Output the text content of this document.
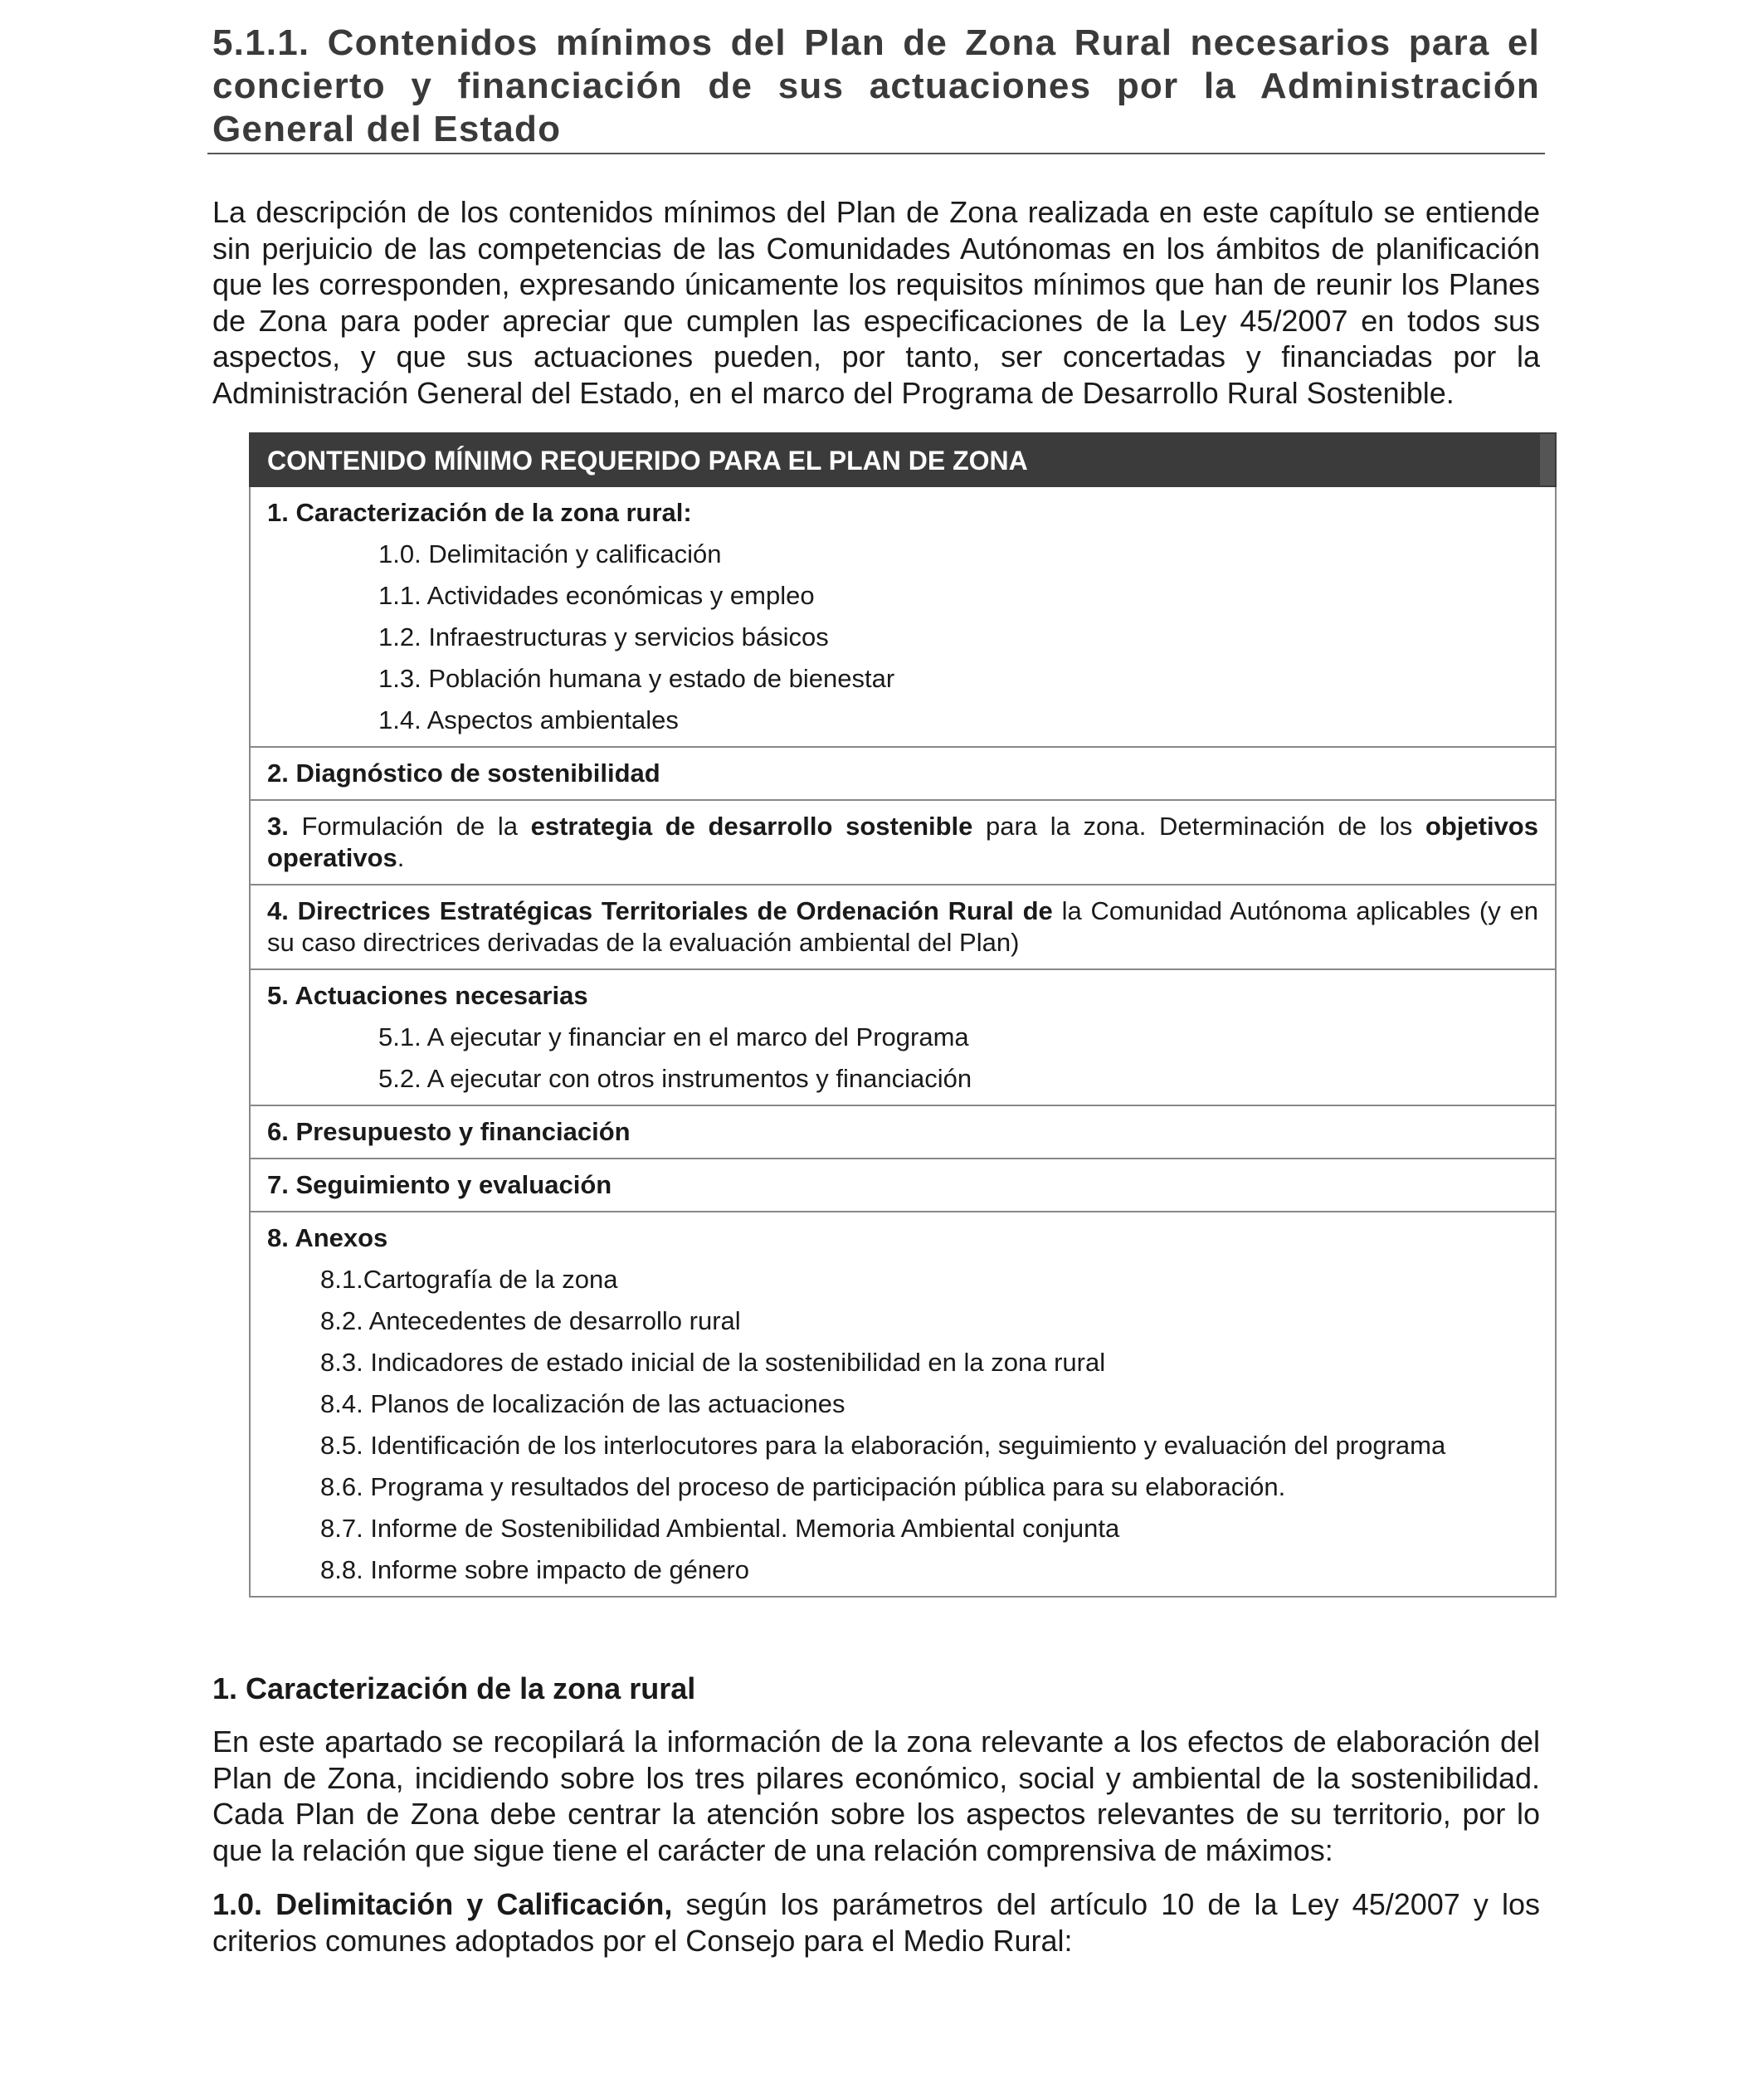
5.1.1. Contenidos mínimos del Plan de Zona Rural necesarios para el concierto y financiación de sus actuaciones por la Administración General del Estado

La descripción de los contenidos mínimos del Plan de Zona realizada en este capítulo se entiende sin perjuicio de las competencias de las Comunidades Autónomas en los ámbitos de planificación que les corresponden, expresando únicamente los requisitos mínimos que han de reunir los Planes de Zona para poder apreciar que cumplen las especificaciones de la Ley 45/2007 en todos sus aspectos, y que sus actuaciones pueden, por tanto, ser concertadas y financiadas por la Administración General del Estado, en el marco del Programa de Desarrollo Rural Sostenible.

CONTENIDO MÍNIMO REQUERIDO PARA EL PLAN DE ZONA

1. Caracterización de la zona rural:
1.0. Delimitación y calificación
1.1. Actividades económicas y empleo
1.2. Infraestructuras y servicios básicos
1.3. Población humana y estado de bienestar
1.4. Aspectos ambientales

2. Diagnóstico de sostenibilidad
3. Formulación de la estrategia de desarrollo sostenible para la zona. Determinación de los objetivos operativos.
4. Directrices Estratégicas Territoriales de Ordenación Rural de la Comunidad Autónoma aplicables (y en su caso directrices derivadas de la evaluación ambiental del Plan)
5. Actuaciones necesarias
5.1. A ejecutar y financiar en el marco del Programa
5.2. A ejecutar con otros instrumentos y financiación

6. Presupuesto y financiación
7. Seguimiento y evaluación
8. Anexos
8.1.Cartografía de la zona
8.2. Antecedentes de desarrollo rural
8.3. Indicadores de estado inicial de la sostenibilidad en la zona rural
8.4. Planos de localización de las actuaciones
8.5. Identificación de los interlocutores para la elaboración, seguimiento y evaluación del programa
8.6. Programa y resultados del proceso de participación pública para su elaboración.
8.7. Informe de Sostenibilidad Ambiental. Memoria Ambiental conjunta
8.8. Informe sobre impacto de género
1. Caracterización de la zona rural

En este apartado se recopilará la información de la zona relevante a los efectos de elaboración del Plan de Zona, incidiendo sobre los tres pilares económico, social y ambiental de la sostenibilidad. Cada Plan de Zona debe centrar la atención sobre los aspectos relevantes de su territorio, por lo que la relación que sigue tiene el carácter de una relación comprensiva de máximos:

1.0. Delimitación y Calificación, según los parámetros del artículo 10 de la Ley 45/2007 y los criterios comunes adoptados por el Consejo para el Medio Rural:
